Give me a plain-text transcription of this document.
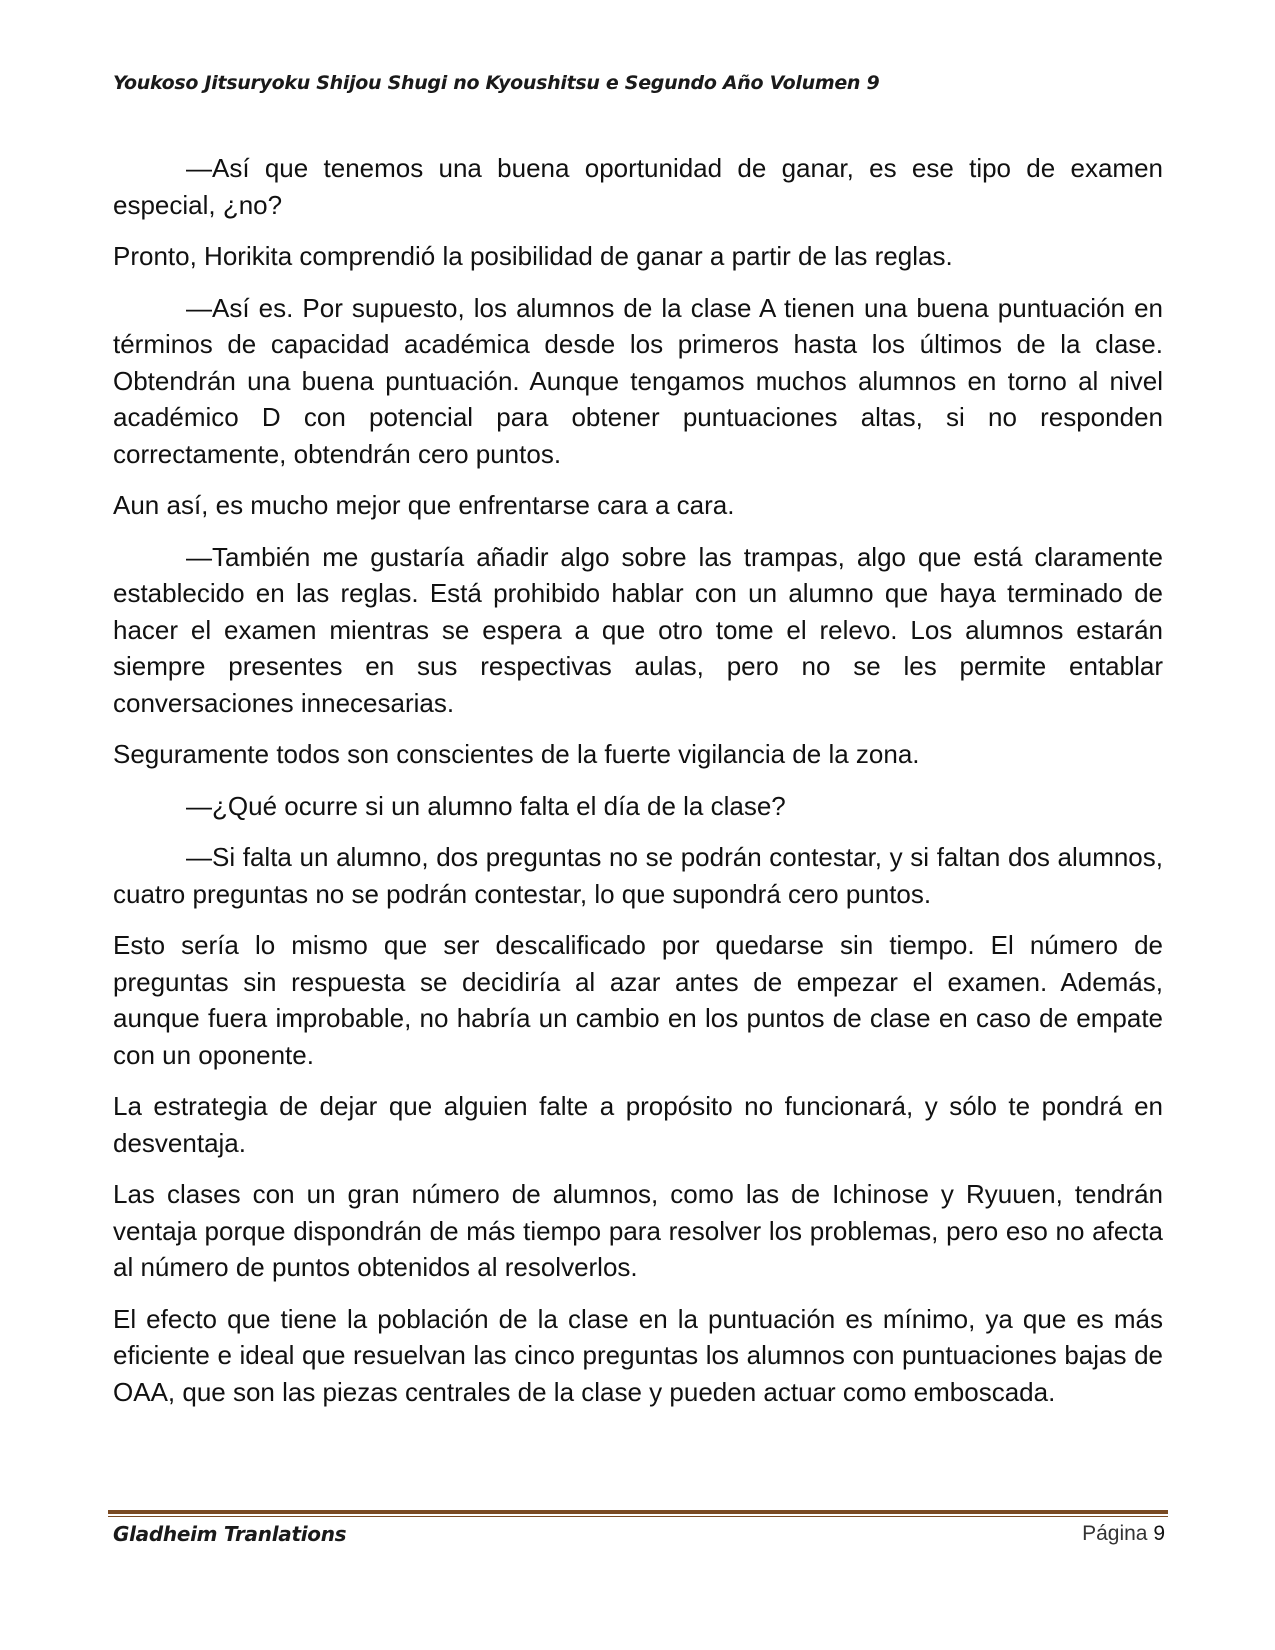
Youkoso Jitsuryoku Shijou Shugi no Kyoushitsu e Segundo Año Volumen 9

—Así que tenemos una buena oportunidad de ganar, es ese tipo de examen especial, ¿no?

Pronto, Horikita comprendió la posibilidad de ganar a partir de las reglas.

—Así es. Por supuesto, los alumnos de la clase A tienen una buena puntuación en términos de capacidad académica desde los primeros hasta los últimos de la clase. Obtendrán una buena puntuación. Aunque tengamos muchos alumnos en torno al nivel académico D con potencial para obtener puntuaciones altas, si no responden correctamente, obtendrán cero puntos.

Aun así, es mucho mejor que enfrentarse cara a cara.

—También me gustaría añadir algo sobre las trampas, algo que está claramente establecido en las reglas. Está prohibido hablar con un alumno que haya terminado de hacer el examen mientras se espera a que otro tome el relevo. Los alumnos estarán siempre presentes en sus respectivas aulas, pero no se les permite entablar conversaciones innecesarias.

Seguramente todos son conscientes de la fuerte vigilancia de la zona.

—¿Qué ocurre si un alumno falta el día de la clase?

—Si falta un alumno, dos preguntas no se podrán contestar, y si faltan dos alumnos, cuatro preguntas no se podrán contestar, lo que supondrá cero puntos.

Esto sería lo mismo que ser descalificado por quedarse sin tiempo. El número de preguntas sin respuesta se decidiría al azar antes de empezar el examen. Además, aunque fuera improbable, no habría un cambio en los puntos de clase en caso de empate con un oponente.

La estrategia de dejar que alguien falte a propósito no funcionará, y sólo te pondrá en desventaja.

Las clases con un gran número de alumnos, como las de Ichinose y Ryuuen, tendrán ventaja porque dispondrán de más tiempo para resolver los problemas, pero eso no afecta al número de puntos obtenidos al resolverlos.

El efecto que tiene la población de la clase en la puntuación es mínimo, ya que es más eficiente e ideal que resuelvan las cinco preguntas los alumnos con puntuaciones bajas de OAA, que son las piezas centrales de la clase y pueden actuar como emboscada.

Gladheim Tranlations	Página 9
